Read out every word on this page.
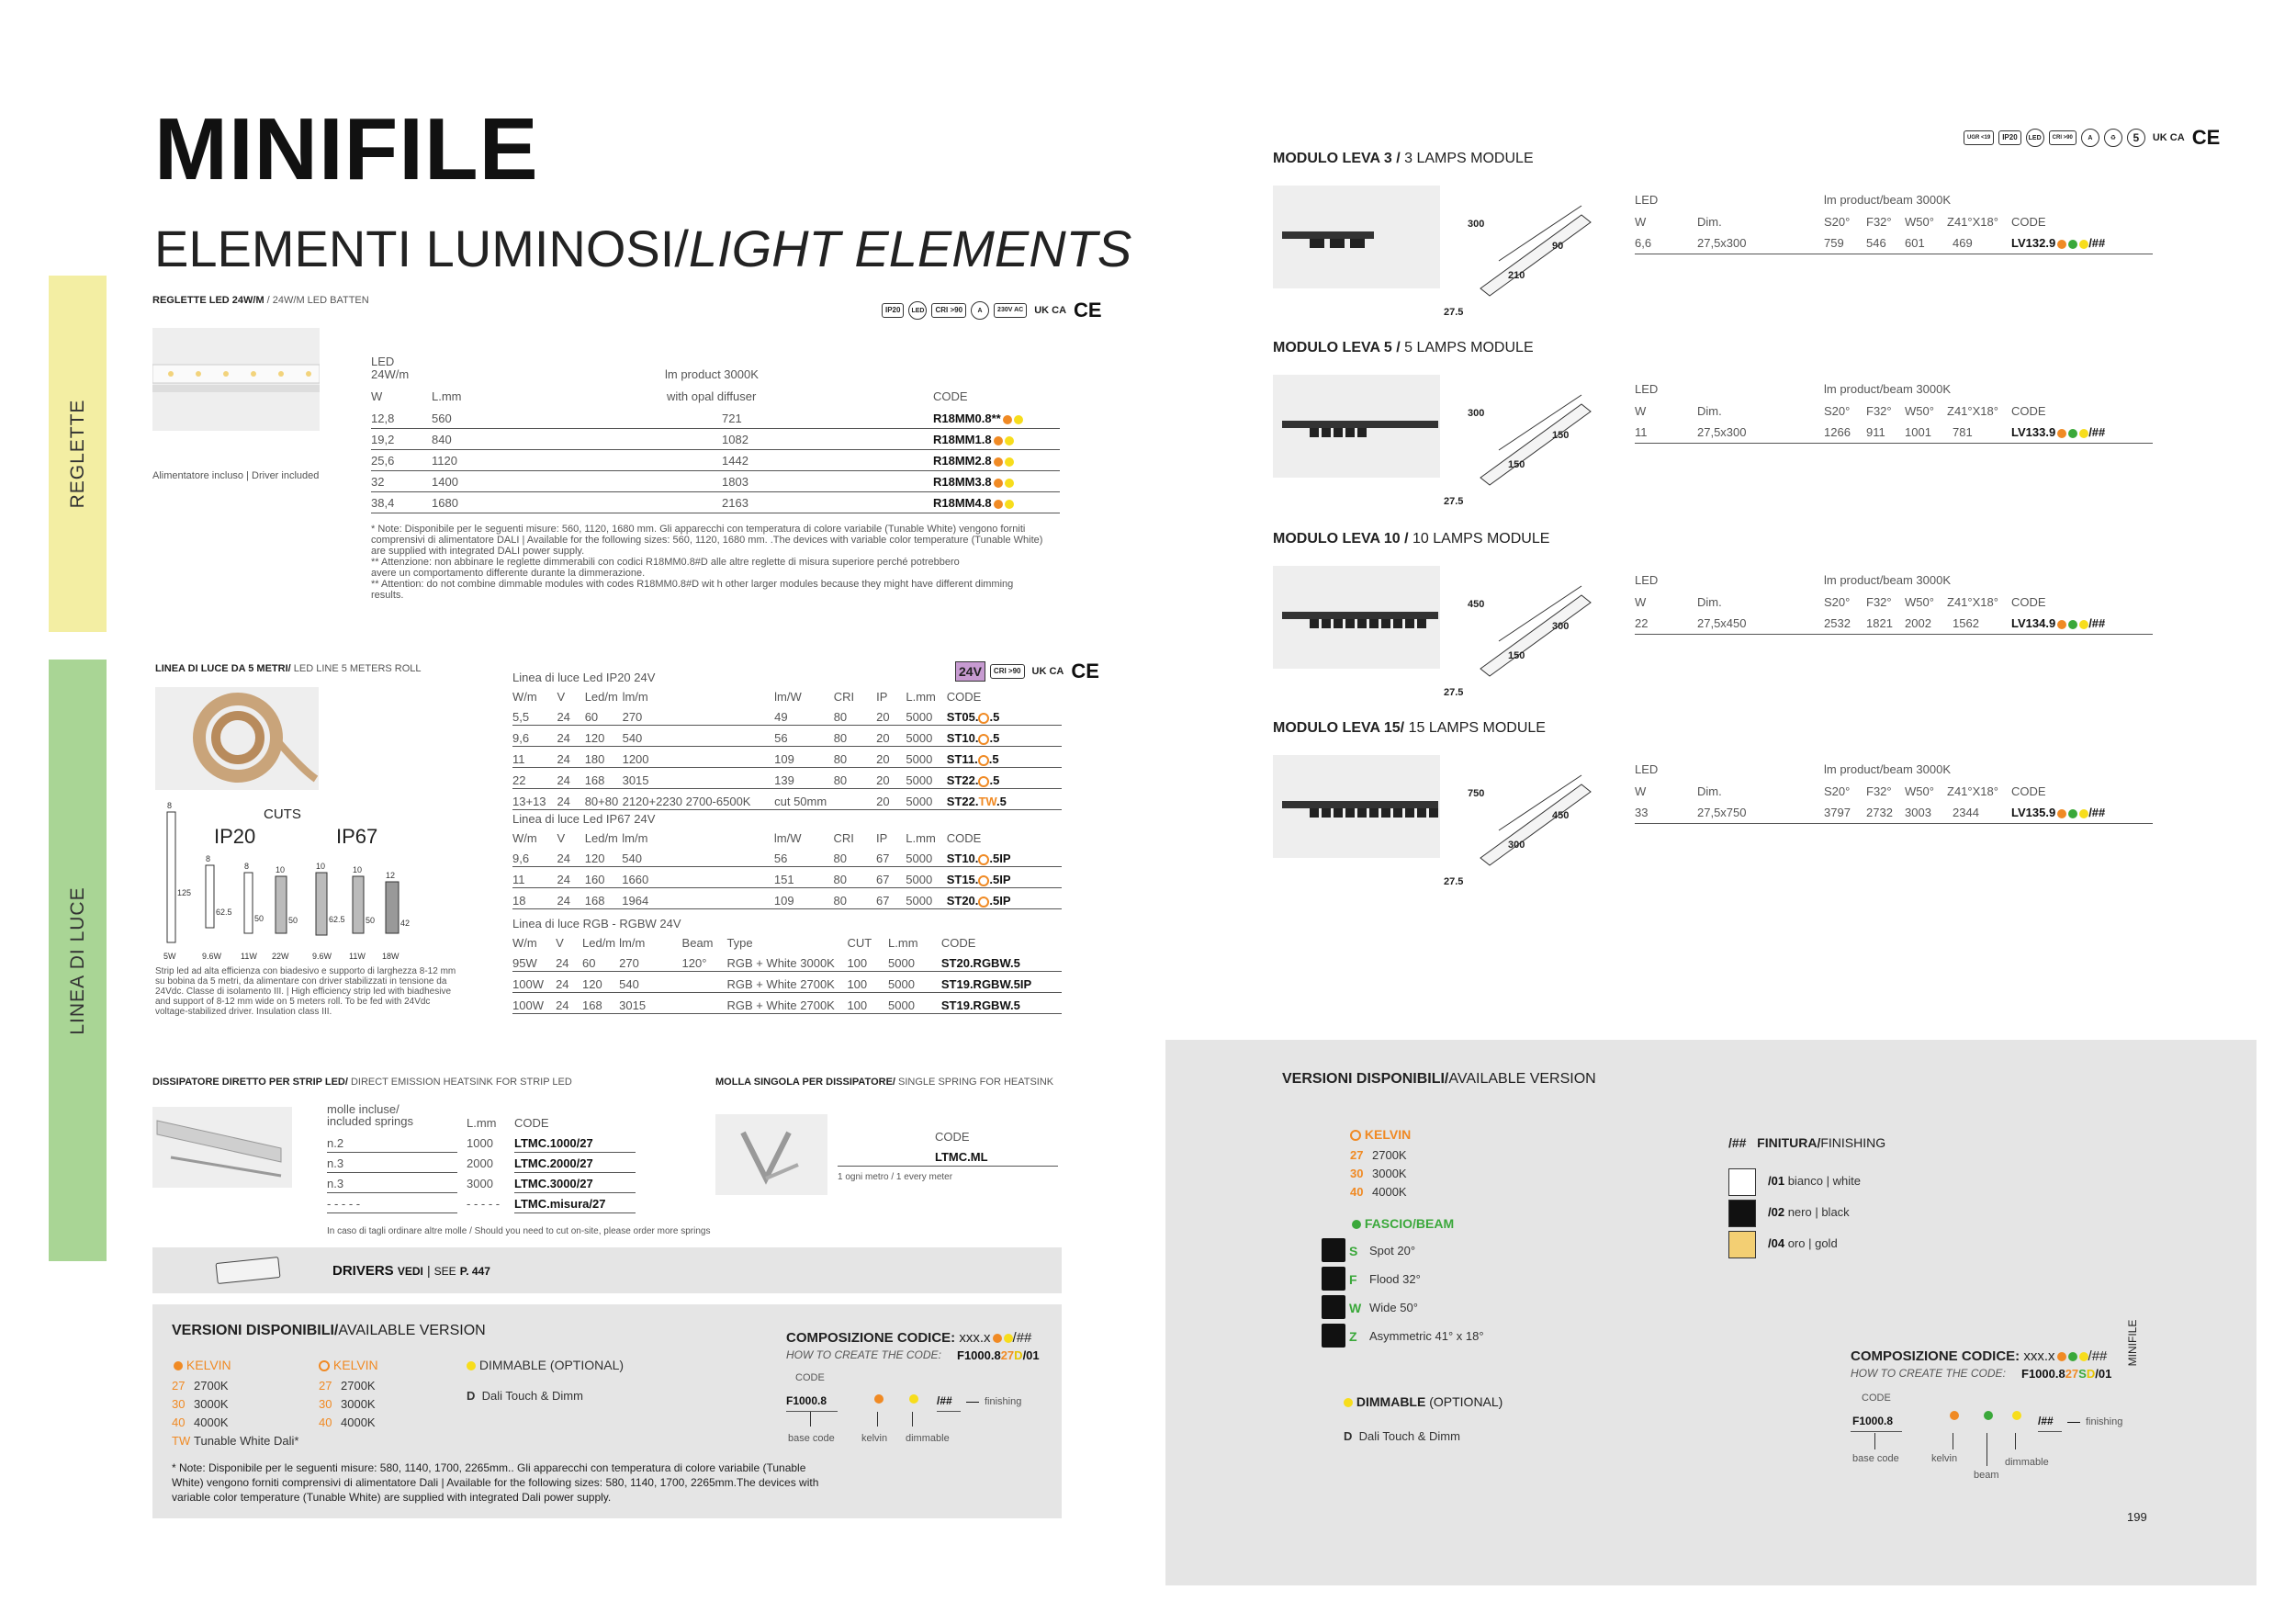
MINIFILE
ELEMENTI LUMINOSI/LIGHT ELEMENTS
REGLETTE
LINEA DI LUCE
REGLETTE LED 24W/M / 24W/M LED BATTEN
IP20	LED	CRI >90	A	230V AC	UK CA CE
Alimentatore incluso | Driver included
LED
24W/m	lm product 3000K
with opal diffuser
W	L.mm	CODE
12,8	560	721	R18MM0.8**
19,2	840	1082	R18MM1.8
25,6	1120	1442	R18MM2.8
32	1400	1803	R18MM3.8
38,4	1680	2163	R18MM4.8
* Note: Disponibile per le seguenti misure: 560, 1120, 1680 mm. Gli apparecchi con temperatura di colore variabile (Tunable White) vengono forniti
comprensivi di alimentatore DALI | Available for the following sizes: 560, 1120, 1680 mm. .The devices with variable color temperature (Tunable White)
are supplied with integrated DALI power supply.
** Attenzione: non abbinare le reglette dimmerabili con codici R18MM0.8#D alle altre reglette di misura superiore perché potrebbero
avere un comportamento differente durante la dimmerazione.
** Attention: do not combine dimmable modules with codes R18MM0.8#D wit h other larger modules because they might have different dimming
results.
LINEA DI LUCE DA 5 METRI/ LED LINE 5 METERS ROLL	24V	CRI >90	UK CA CE
CUTS
IP20	IP67
8
125
5W
8
62.5
9.6W
8
50
11W
10
50
22W
10
62.5
9.6W
10
50
11W
12
42
18W
Strip led ad alta efficienza con biadesivo e supporto di larghezza 8-12 mm
su bobina da 5 metri, da alimentare con driver stabilizzati in tensione da
24Vdc. Classe di isolamento III. | High efficiency strip led with biadhesive
and support of 8-12 mm wide on 5 meters roll. To be fed with 24Vdc
voltage-stabilized driver. Insulation class III.
Linea di luce Led IP20 24V
W/m	V	Led/m	lm/m	lm/W	CRI	IP	L.mm	CODE
5,5	24	60	270	49	80	20	5000	ST05. .5
9,6	24	120	540	56	80	20	5000	ST10. .5
11	24	180	1200	109	80	20	5000	ST11. .5
22	24	168	3015	139	80	20	5000	ST22. .5
13+13	24	80+80	2120+2230 2700-6500K	cut 50mm		20	5000	ST22.TW.5
Linea di luce Led IP67 24V
W/m	V	Led/m	lm/m	lm/W	CRI	IP	L.mm	CODE
9,6	24	120	540	56	80	67	5000	ST10. .5IP
11	24	160	1660	151	80	67	5000	ST15. .5IP
18	24	168	1964	109	80	67	5000	ST20. .5IP
Linea di luce RGB - RGBW 24V
W/m	V	Led/m	lm/m	Beam	Type	CUT	L.mm	CODE
95W	24	60	270	120°	RGB + White 3000K	100	5000	ST20.RGBW.5
100W	24	120	540		RGB + White 2700K	100	5000	ST19.RGBW.5IP
100W	24	168	3015		RGB + White 2700K	100	5000	ST19.RGBW.5
DISSIPATORE DIRETTO PER STRIP LED/ DIRECT EMISSION HEATSINK FOR STRIP LED
molle incluse/
included springs	L.mm CODE
n.2	1000 LTMC.1000/27
n.3	2000 LTMC.2000/27
n.3	3000 LTMC.3000/27
- - - - -	- - - - - LTMC.misura/27
In caso di tagli ordinare altre molle / Should you need to cut on-site, please order more springs
MOLLA SINGOLA PER DISSIPATORE/ SINGLE SPRING FOR HEATSINK
CODE
LTMC.ML
1 ogni metro / 1 every meter
DRIVERS VEDI | SEE P. 447
VERSIONI DISPONIBILI/AVAILABLE VERSION
KELVIN
27 2700K
30 3000K
40 4000K
TW Tunable White Dali*
KELVIN
27 2700K
30 3000K
40 4000K
DIMMABLE (OPTIONAL)
D Dali Touch & Dimm
* Note: Disponibile per le seguenti misure: 580, 1140, 1700, 2265mm.. Gli apparecchi con temperatura di colore variabile (Tunable
White) vengono forniti comprensivi di alimentatore Dali | Available for the following sizes: 580, 1140, 1700, 2265mm.The devices with
variable color temperature (Tunable White) are supplied with integrated Dali power supply.
COMPOSIZIONE CODICE: xxx.x /##
HOW TO CREATE THE CODE: F1000.827D/01
CODE
F1000.8	/##	finishing
base code	kelvin dimmable
UGR <19	IP20	LED	CRI >90	A	♻	5	UK CA CE
MODULO LEVA 3 / 3 LAMPS MODULE
300
90
210
27.5
LED	lm product/beam 3000K
W	Dim.	S20° F32° W50° Z41°X18° CODE
6,6	27,5x300	759 546 601 469	LV132.9	/##
MODULO LEVA 5 / 5 LAMPS MODULE
300
150
150
27.5
LED	lm product/beam 3000K
W	Dim.	S20° F32° W50° Z41°X18° CODE
11	27,5x300	1266 911 1001 781	LV133.9	/##
MODULO LEVA 10 / 10 LAMPS MODULE
450
300
150
27.5
LED	lm product/beam 3000K
W	Dim.	S20° F32° W50° Z41°X18° CODE
22	27,5x450	2532 1821 2002 1562	LV134.9	/##
MODULO LEVA 15/ 15 LAMPS MODULE
750
450
300
27.5
LED	lm product/beam 3000K
W	Dim.	S20° F32° W50° Z41°X18° CODE
33	27,5x750	3797 2732 3003 2344	LV135.9	/##
VERSIONI DISPONIBILI/AVAILABLE VERSION
KELVIN
27 2700K
30 3000K
40 4000K
FASCIO/BEAM
S Spot 20°
F Flood 32°
W Wide 50°
Z Asymmetric 41° x 18°
DIMMABLE (OPTIONAL)
D Dali Touch & Dimm
/## FINITURA/FINISHING
/01 bianco | white
/02 nero | black
/04 oro | gold
COMPOSIZIONE CODICE: xxx.x /##
HOW TO CREATE THE CODE: F1000.827SD/01
CODE
F1000.8	/##	finishing
base code	kelvin
beam
dimmable
MINIFILE
199
